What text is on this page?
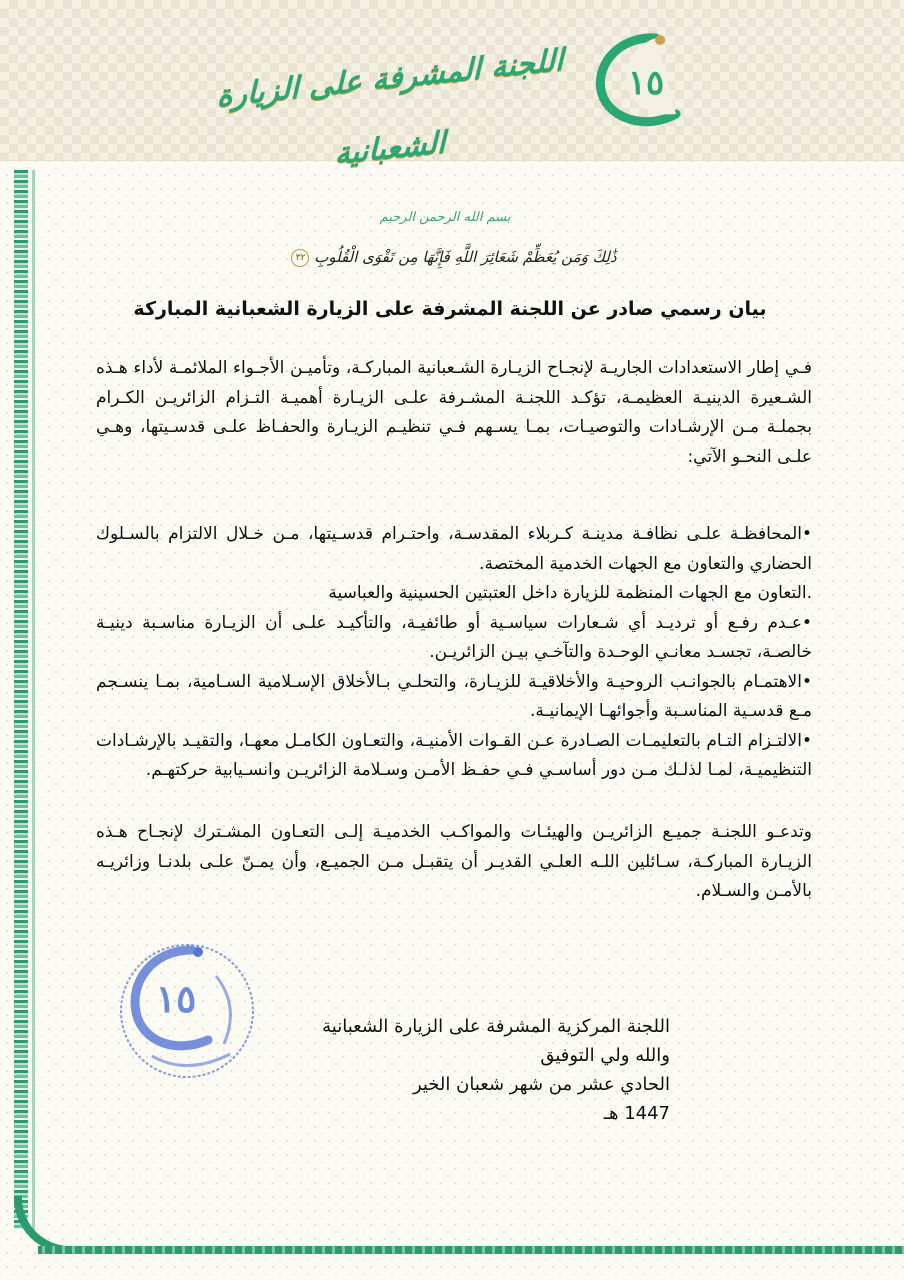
١٥
اللجنة المشرفة على الزيارة الشعبانية
بسم الله الرحمن الرحيم
ذَٰلِكَ وَمَن يُعَظِّمْ شَعَائِرَ اللَّهِ فَإِنَّهَا مِن تَقْوَى الْقُلُوبِ ٣٢
بيان رسمي صادر عن اللجنة المشرفة على الزيارة الشعبانية المباركة
فـي إطار الاستعدادات الجاريـة لإنجـاح الزيـارة الشـعبانية المباركـة، وتأميـن الأجـواء الملائمـة لأداء هـذه الشـعيرة الدينيـة العظيمـة، تؤكـد اللجنـة المشـرفة علـى الزيـارة أهميـة التـزام الزائريـن الكـرام بجملـة مـن الإرشـادات والتوصيـات، بمـا يسـهم فـي تنظيـم الزيـارة والحفـاظ علـى قدسـيتها، وهـي علـى النحـو الآتي:

•المحافظـة علـى نظافـة مدينـة كـربلاء المقدسـة، واحتـرام قدسـيتها، مـن خـلال الالتزام بالسـلوك الحضاري والتعاون مع الجهات الخدمية المختصة.

.التعاون مع الجهات المنظمة للزيارة داخل العتبتين الحسينية والعباسية

•عـدم رفـع أو ترديـد أي شـعارات سياسـية أو طائفيـة، والتأكيـد علـى أن الزيـارة مناسـبة دينيـة خالصـة، تجسـد معانـي الوحـدة والتآخـي بيـن الزائريـن.

•الاهتمـام بالجوانـب الروحيـة والأخلاقيـة للزيـارة، والتحلـي بـالأخلاق الإسـلامية السـامية، بمـا ينسـجم مـع قدسـية المناسـبة وأجوائهـا الإيمانيـة.

•الالتـزام التـام بالتعليمـات الصـادرة عـن القـوات الأمنيـة، والتعـاون الكامـل معهـا، والتقيـد بالإرشـادات التنظيميـة، لمـا لذلـك مـن دور أساسـي فـي حفـظ الأمـن وسـلامة الزائريـن وانسـيابية حركتهـم.

وتدعـو اللجنـة جميـع الزائريـن والهيئـات والمواكـب الخدميـة إلـى التعـاون المشـترك لإنجـاح هـذه الزيـارة المباركـة، سـائلين اللـه العلـي القديـر أن يتقبـل مـن الجميـع، وأن يمـنّ علـى بلدنـا وزائريـه بالأمـن والسـلام.
١٥
اللجنة المركزية المشرفة على الزيارة الشعبانية
والله ولي التوفيق
الحادي عشر من شهر شعبان الخير
1447 هـ
